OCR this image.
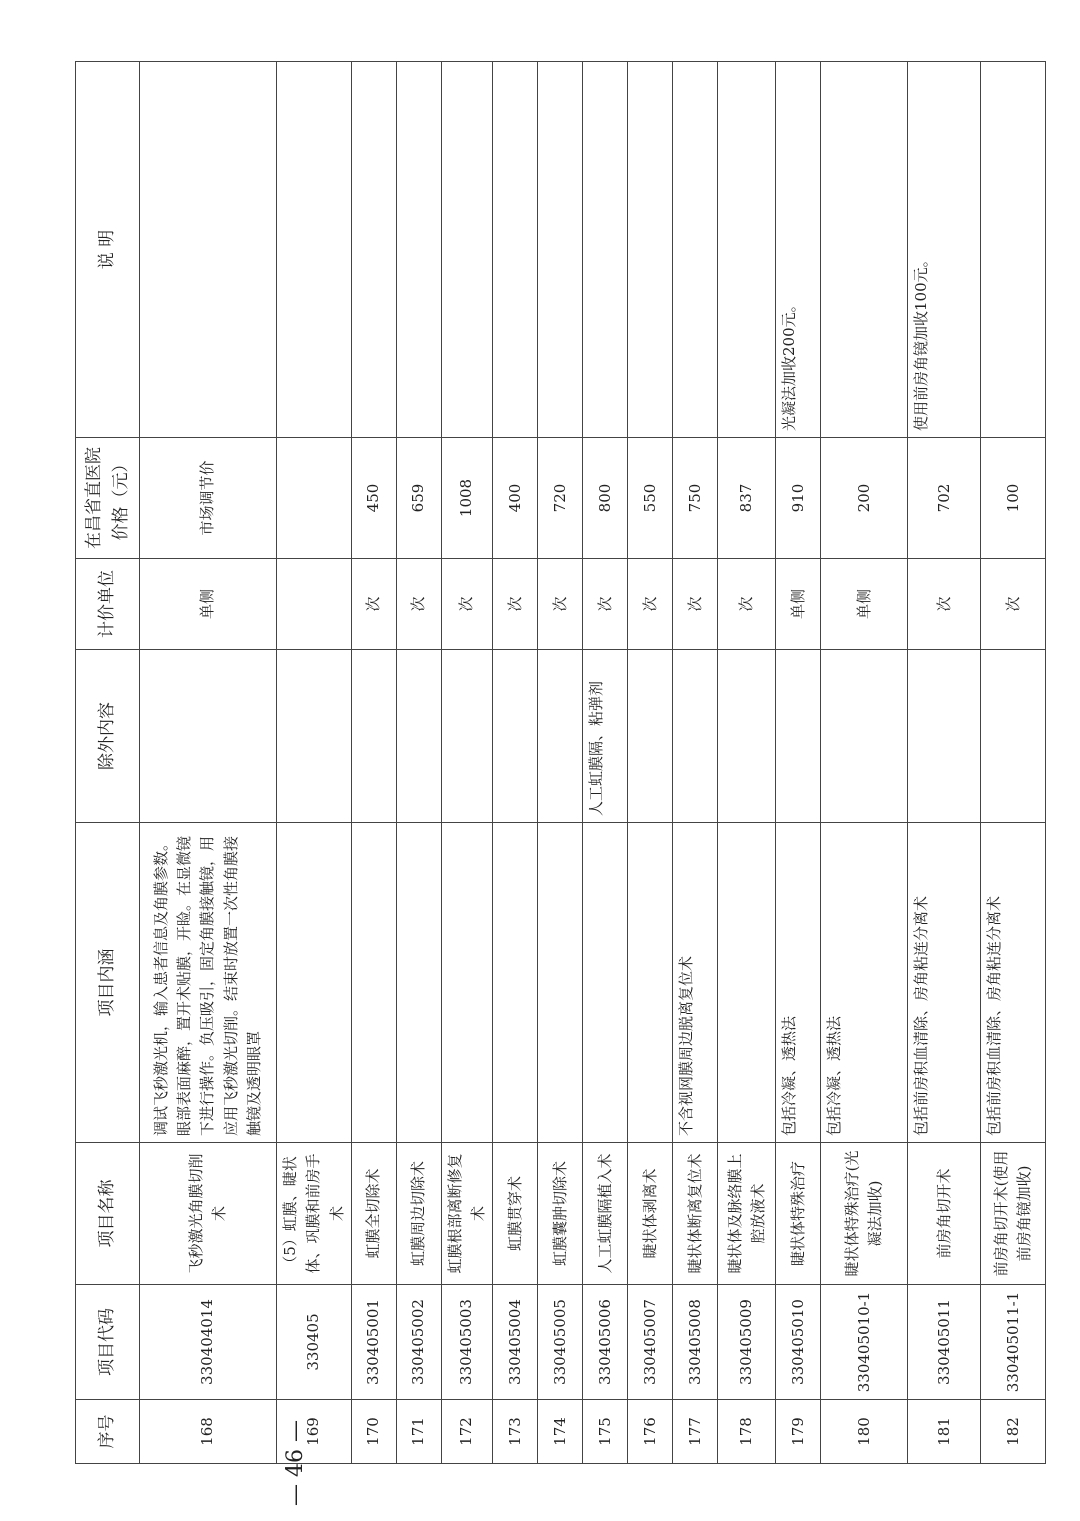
序号	项目代码	项目名称	项目内涵	除外内容	计价单位	在昌省直医院价格（元）	说 明
168	330404014	飞秒激光角膜切削术	调试飞秒激光机，输入患者信息及角膜参数。眼部表面麻醉，置开术贴膜，开睑。在显微镜下进行操作。负压吸引，固定角膜接触镜，用应用飞秒激光切削。结束时放置一次性角膜接触镜及透明眼罩		单侧	市场调节价	
169	330405	（5）虹膜、睫状体、巩膜和前房手术					
170	330405001	虹膜全切除术			次	450	
171	330405002	虹膜周边切除术			次	659	
172	330405003	虹膜根部离断修复术			次	1008	
173	330405004	虹膜贯穿术			次	400	
174	330405005	虹膜囊肿切除术			次	720	
175	330405006	人工虹膜隔植入术		人工虹膜隔、粘弹剂	次	800	
176	330405007	睫状体剥离术			次	550	
177	330405008	睫状体断离复位术	不含视网膜周边脱离复位术		次	750	
178	330405009	睫状体及脉络膜上腔放液术			次	837	
179	330405010	睫状体特殊治疗	包括冷凝、透热法		单侧	910	光凝法加收200元。
180	330405010-1	睫状体特殊治疗(光凝法加收)	包括冷凝、透热法		单侧	200	
181	330405011	前房角切开术	包括前房积血清除、房角粘连分离术		次	702	使用前房角镜加收100元。
182	330405011-1	前房角切开术(使用前房角镜加收)	包括前房积血清除、房角粘连分离术		次	100	
— 46 —
